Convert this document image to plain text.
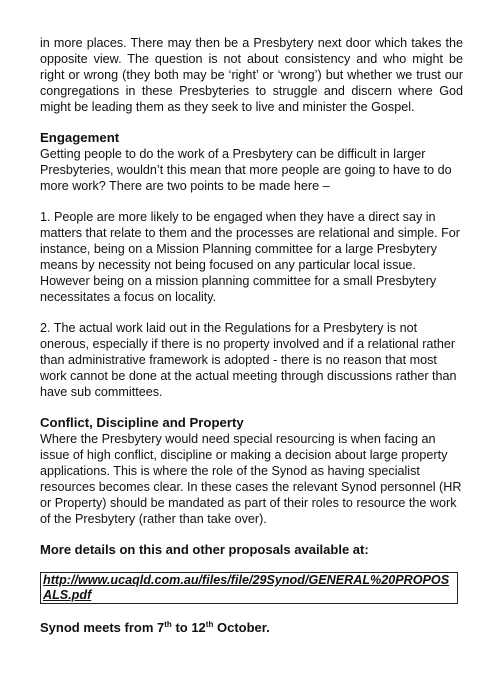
in more places. There may then be a Presbytery next door which takes the opposite view. The question is not about consistency and who might be right or wrong (they both may be ‘right’ or ‘wrong’) but whether we trust our congregations in these Presbyteries to struggle and discern where God might be leading them as they seek to live and minister the Gospel.

Engagement

Getting people to do the work of a Presbytery can be difficult in larger Presbyteries, wouldn’t this mean that more people are going to have to do more work? There are two points to be made here –

1. People are more likely to be engaged when they have a direct say in matters that relate to them and the processes are relational and simple. For instance, being on a Mission Planning committee for a large Presbytery means by necessity not being focused on any particular local issue. However being on a mission planning committee for a small Presbytery necessitates a focus on locality.

2. The actual work laid out in the Regulations for a Presbytery is not onerous, especially if there is no property involved and if a relational rather than administrative framework is adopted - there is no reason that most work cannot be done at the actual meeting through discussions rather than have sub committees.

Conflict, Discipline and Property

Where the Presbytery would need special resourcing is when facing an issue of high conflict, discipline or making a decision about large property applications. This is where the role of the Synod as having specialist resources becomes clear. In these cases the relevant Synod personnel (HR or Property) should be mandated as part of their roles to resource the work of the Presbytery (rather than take over).

More details on this and other proposals available at:

http://www.ucaqld.com.au/files/file/29Synod/GENERAL%20PROPOSALS.pdf

Synod meets from 7th to 12th October.
